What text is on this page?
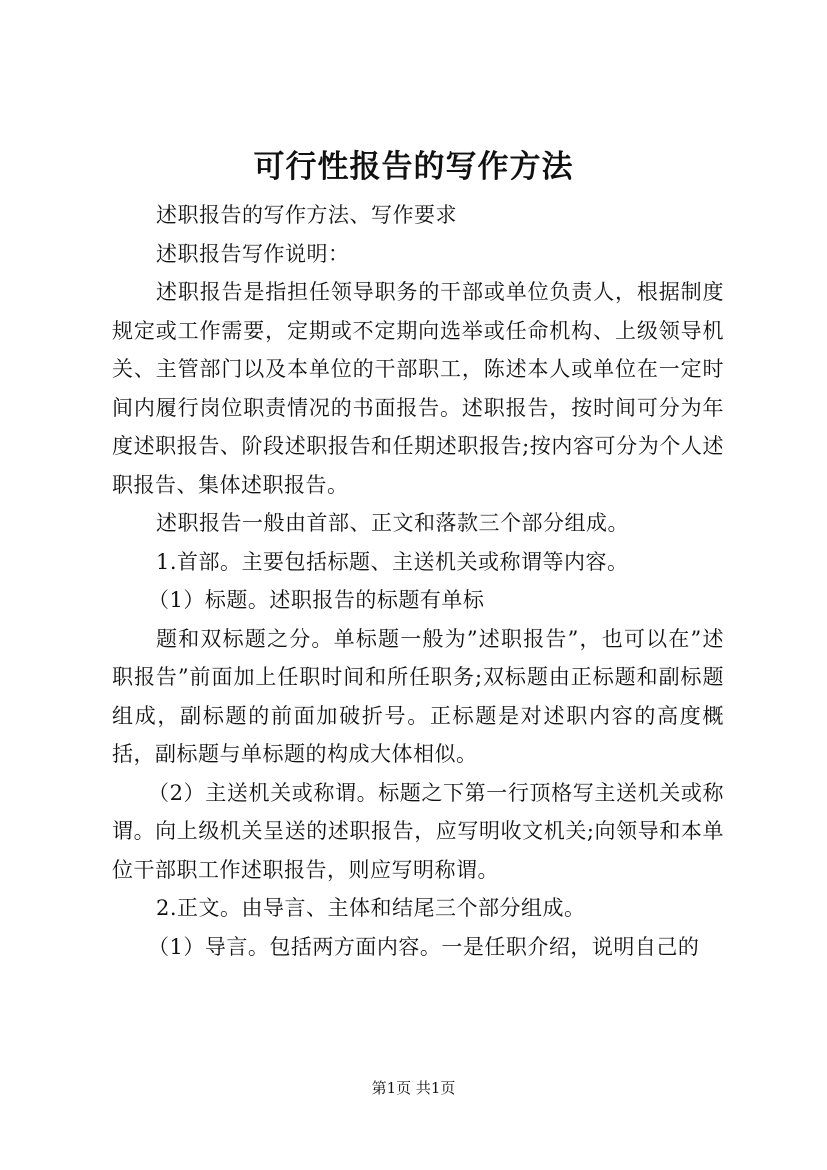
可行性报告的写作方法

述职报告的写作方法、写作要求

述职报告写作说明：

述职报告是指担任领导职务的干部或单位负责人，根据制度规定或工作需要，定期或不定期向选举或任命机构、上级领导机关、主管部门以及本单位的干部职工，陈述本人或单位在一定时间内履行岗位职责情况的书面报告。述职报告，按时间可分为年度述职报告、阶段述职报告和任期述职报告;按内容可分为个人述职报告、集体述职报告。

述职报告一般由首部、正文和落款三个部分组成。

1.首部。主要包括标题、主送机关或称谓等内容。

（1）标题。述职报告的标题有单标

题和双标题之分。单标题一般为”述职报告”，也可以在”述职报告”前面加上任职时间和所任职务;双标题由正标题和副标题组成，副标题的前面加破折号。正标题是对述职内容的高度概括，副标题与单标题的构成大体相似。

（2）主送机关或称谓。标题之下第一行顶格写主送机关或称谓。向上级机关呈送的述职报告，应写明收文机关;向领导和本单位干部职工作述职报告，则应写明称谓。

2.正文。由导言、主体和结尾三个部分组成。

（1）导言。包括两方面内容。一是任职介绍，说明自己的

第1页 共1页
